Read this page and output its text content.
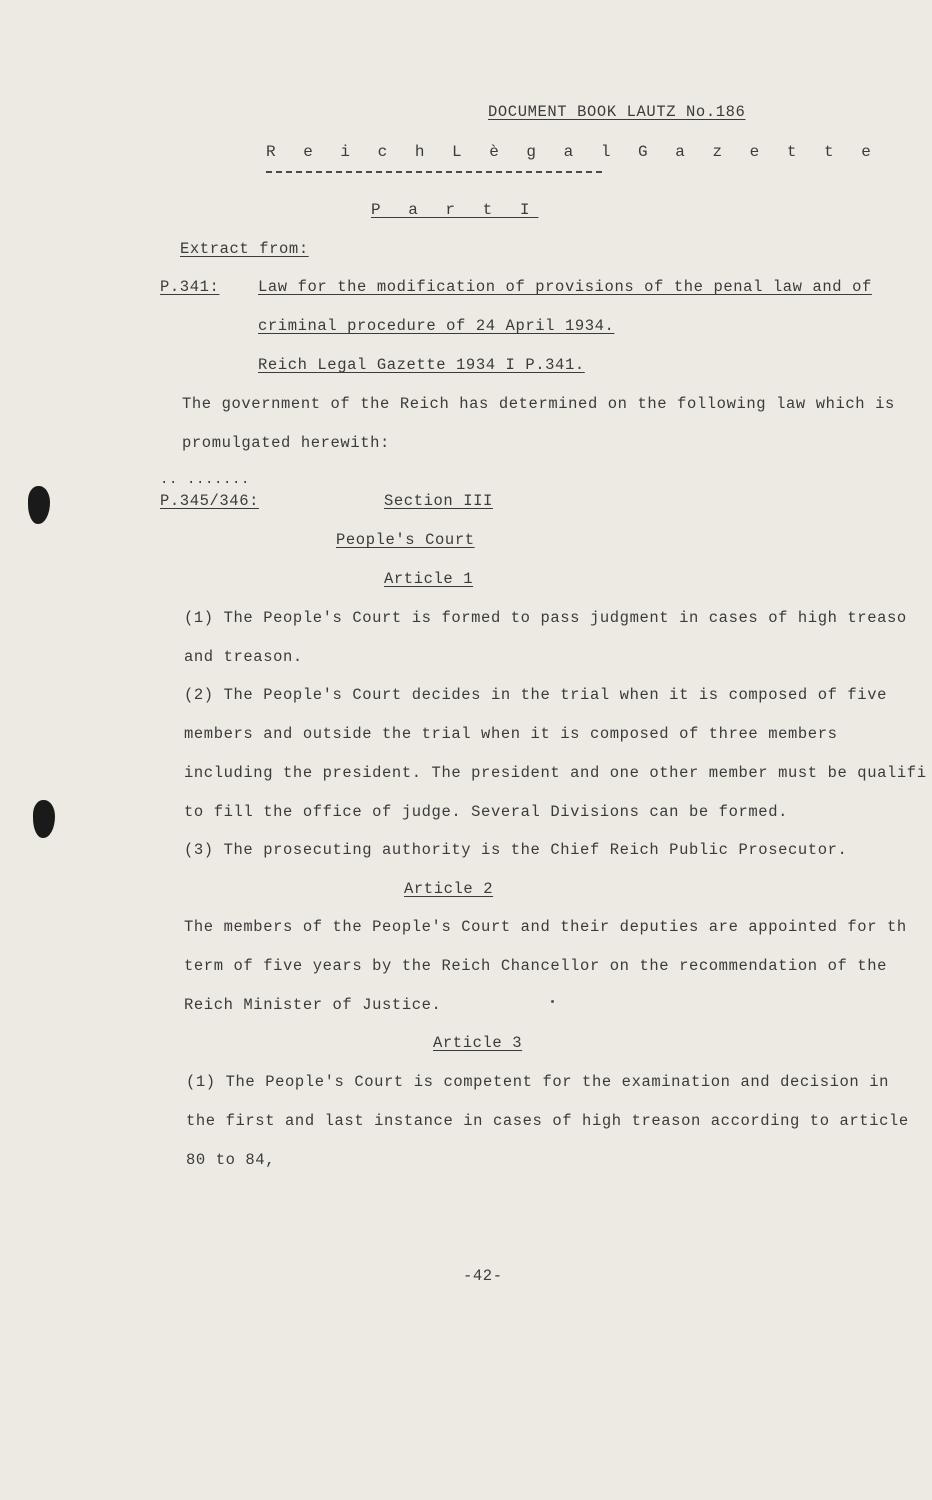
DOCUMENT BOOK LAUTZ No.186
R e i c h L è g a l G a z e t t e
P a r t I
Extract from:
P.341: Law for the modification of provisions of the penal law and of
criminal procedure of 24 April 1934.
Reich Legal Gazette 1934 I P.341.
The government of the Reich has determined on the following law which is
promulgated herewith:
.. .......
P.345/346:	Section III
People's Court
Article 1
(1) The People's Court is formed to pass judgment in cases of high treaso
and treason.
(2) The People's Court decides in the trial when it is composed of five
members and outside the trial when it is composed of three members
including the president. The president and one other member must be qualifi
to fill the office of judge. Several Divisions can be formed.
(3) The prosecuting authority is the Chief Reich Public Prosecutor.
Article 2
The members of the People's Court and their deputies are appointed for th
term of five years by the Reich Chancellor on the recommendation of the
Reich Minister of Justice.
Article 3
(1) The People's Court is competent for the examination and decision in
the first and last instance in cases of high treason according to article
80 to 84,
-42-
